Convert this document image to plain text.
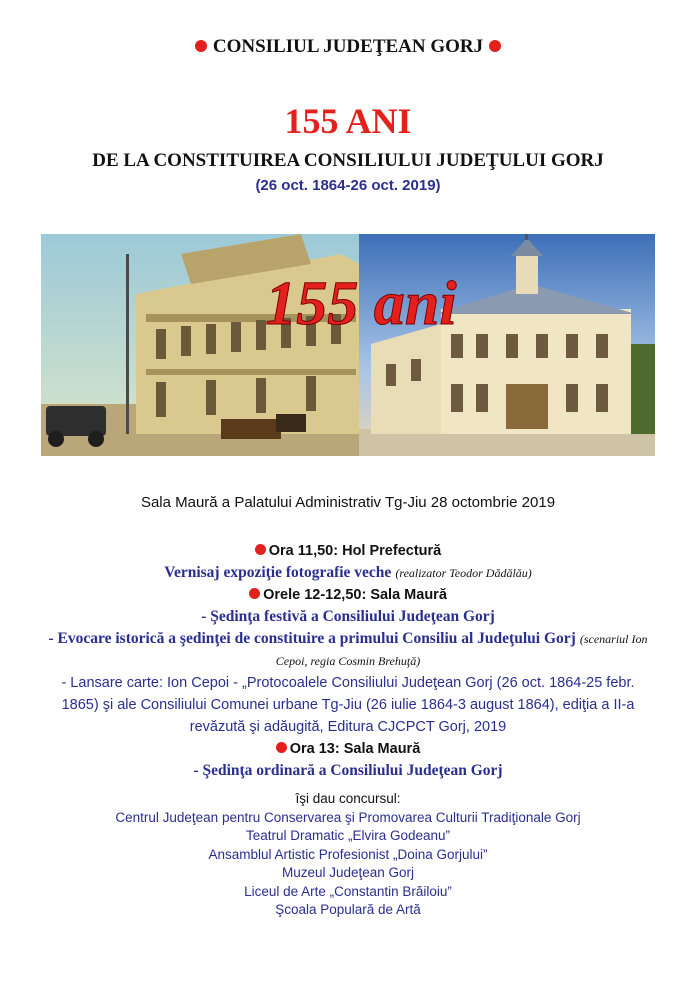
CONSILIUL JUDEŢEAN GORJ
155 ANI
DE LA CONSTITUIREA CONSILIULUI JUDEŢULUI GORJ
(26 oct. 1864-26 oct. 2019)
155 ani
Sala Maură a Palatului Administrativ Tg-Jiu 28 octombrie 2019
Ora 11,50: Hol Prefectură
Vernisaj expoziţie fotografie veche (realizator Teodor Dădălău)
Orele 12-12,50: Sala Maură
- Şedinţa festivă a Consiliului Judeţean Gorj
- Evocare istorică a şedinţei de constituire a primului Consiliu al Judeţului Gorj (scenariul Ion Cepoi, regia Cosmin Brehuţă)
- Lansare carte: Ion Cepoi - „Protocoalele Consiliului Judeţean Gorj (26 oct. 1864-25 febr. 1865) şi ale Consiliului Comunei urbane Tg-Jiu (26 iulie 1864-3 august 1864), ediţia a II-a revăzută şi adăugită, Editura CJCPCT Gorj, 2019
Ora 13: Sala Maură
- Şedinţa ordinară a Consiliului Judeţean Gorj
îşi dau concursul:
Centrul Judeţean pentru Conservarea şi Promovarea Culturii Tradiţionale Gorj
Teatrul Dramatic „Elvira Godeanu”
Ansamblul Artistic Profesionist „Doina Gorjului”
Muzeul Judeţean Gorj
Liceul de Arte „Constantin Brăiloiu”
Şcoala Populară de Artă
